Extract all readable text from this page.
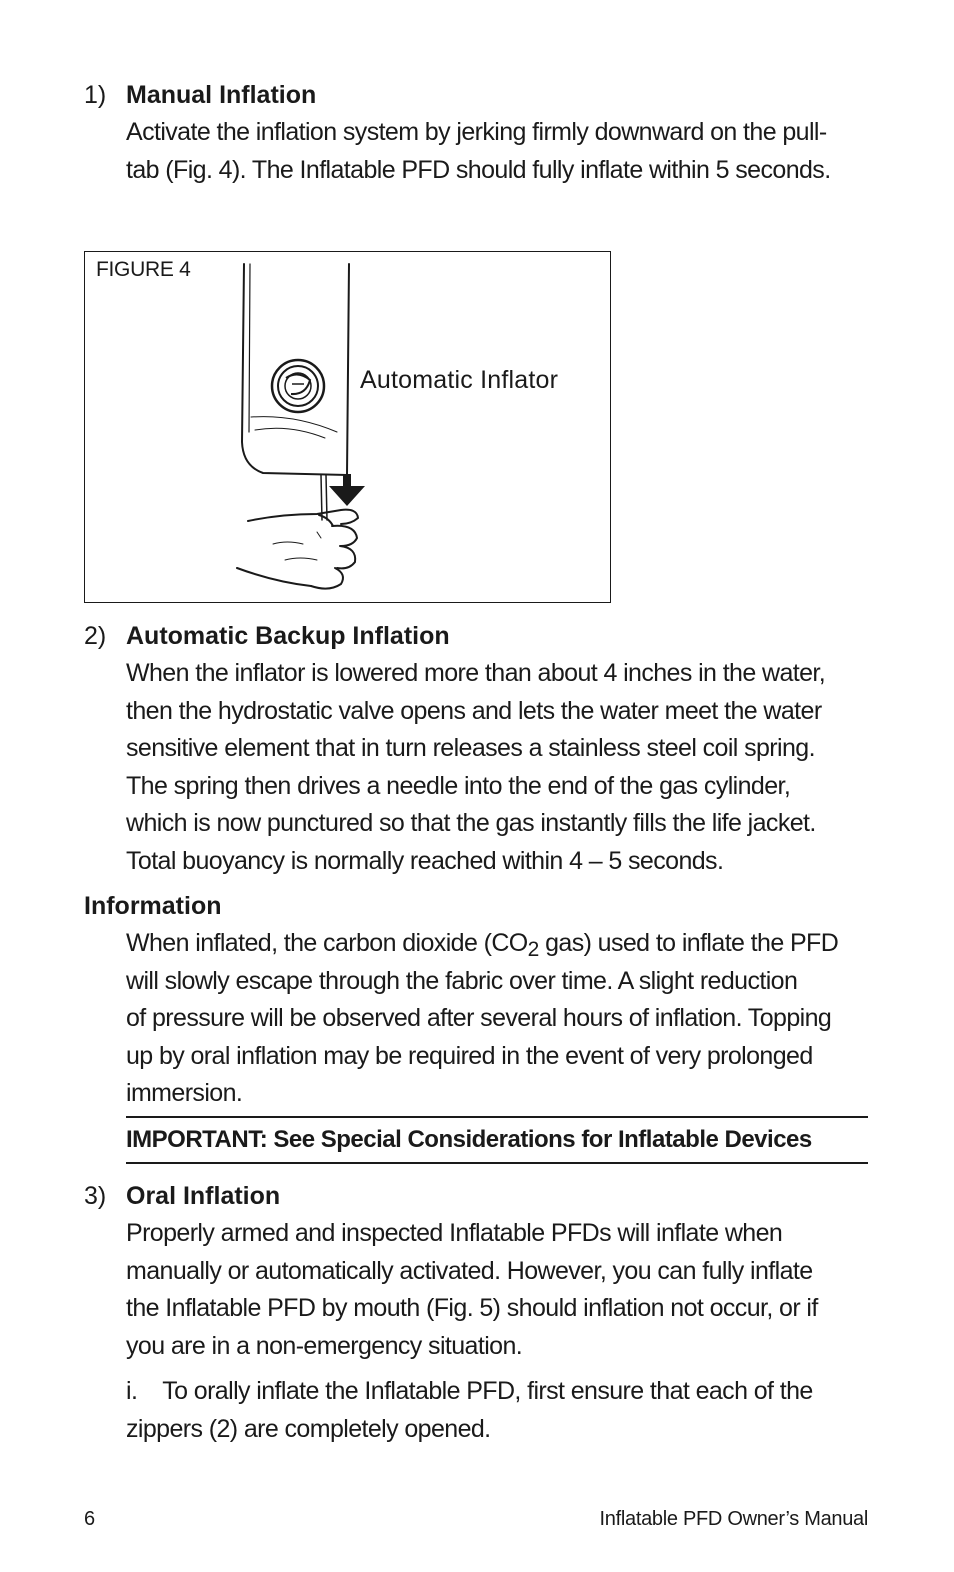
1) Manual Inflation
Activate the inflation system by jerking firmly downward on the pull-
tab (Fig. 4). The Inflatable PFD should fully inflate within 5 seconds.
FIGURE 4
Automatic Inflator
2) Automatic Backup Inflation
When the inflator is lowered more than about 4 inches in the water,
then the hydrostatic valve opens and lets the water meet the water
sensitive element that in turn releases a stainless steel coil spring.
The spring then drives a needle into the end of the gas cylinder,
which is now punctured so that the gas instantly fills the life jacket.
Total buoyancy is normally reached within 4 – 5 seconds.
Information
When inflated, the carbon dioxide ($CO_2$ gas) used to inflate the PFD
will slowly escape through the fabric over time. A slight reduction
of pressure will be observed after several hours of inflation. Topping
up by oral inflation may be required in the event of very prolonged
immersion.
IMPORTANT: See Special Considerations for Inflatable Devices
3) Oral Inflation
Properly armed and inspected Inflatable PFDs will inflate when
manually or automatically activated. However, you can fully inflate
the Inflatable PFD by mouth (Fig. 5) should inflation not occur, or if
you are in a non-emergency situation.
i.    To orally inflate the Inflatable PFD, first ensure that each of the
zippers (2) are completely opened.
6	Inflatable PFD Owner’s Manual
